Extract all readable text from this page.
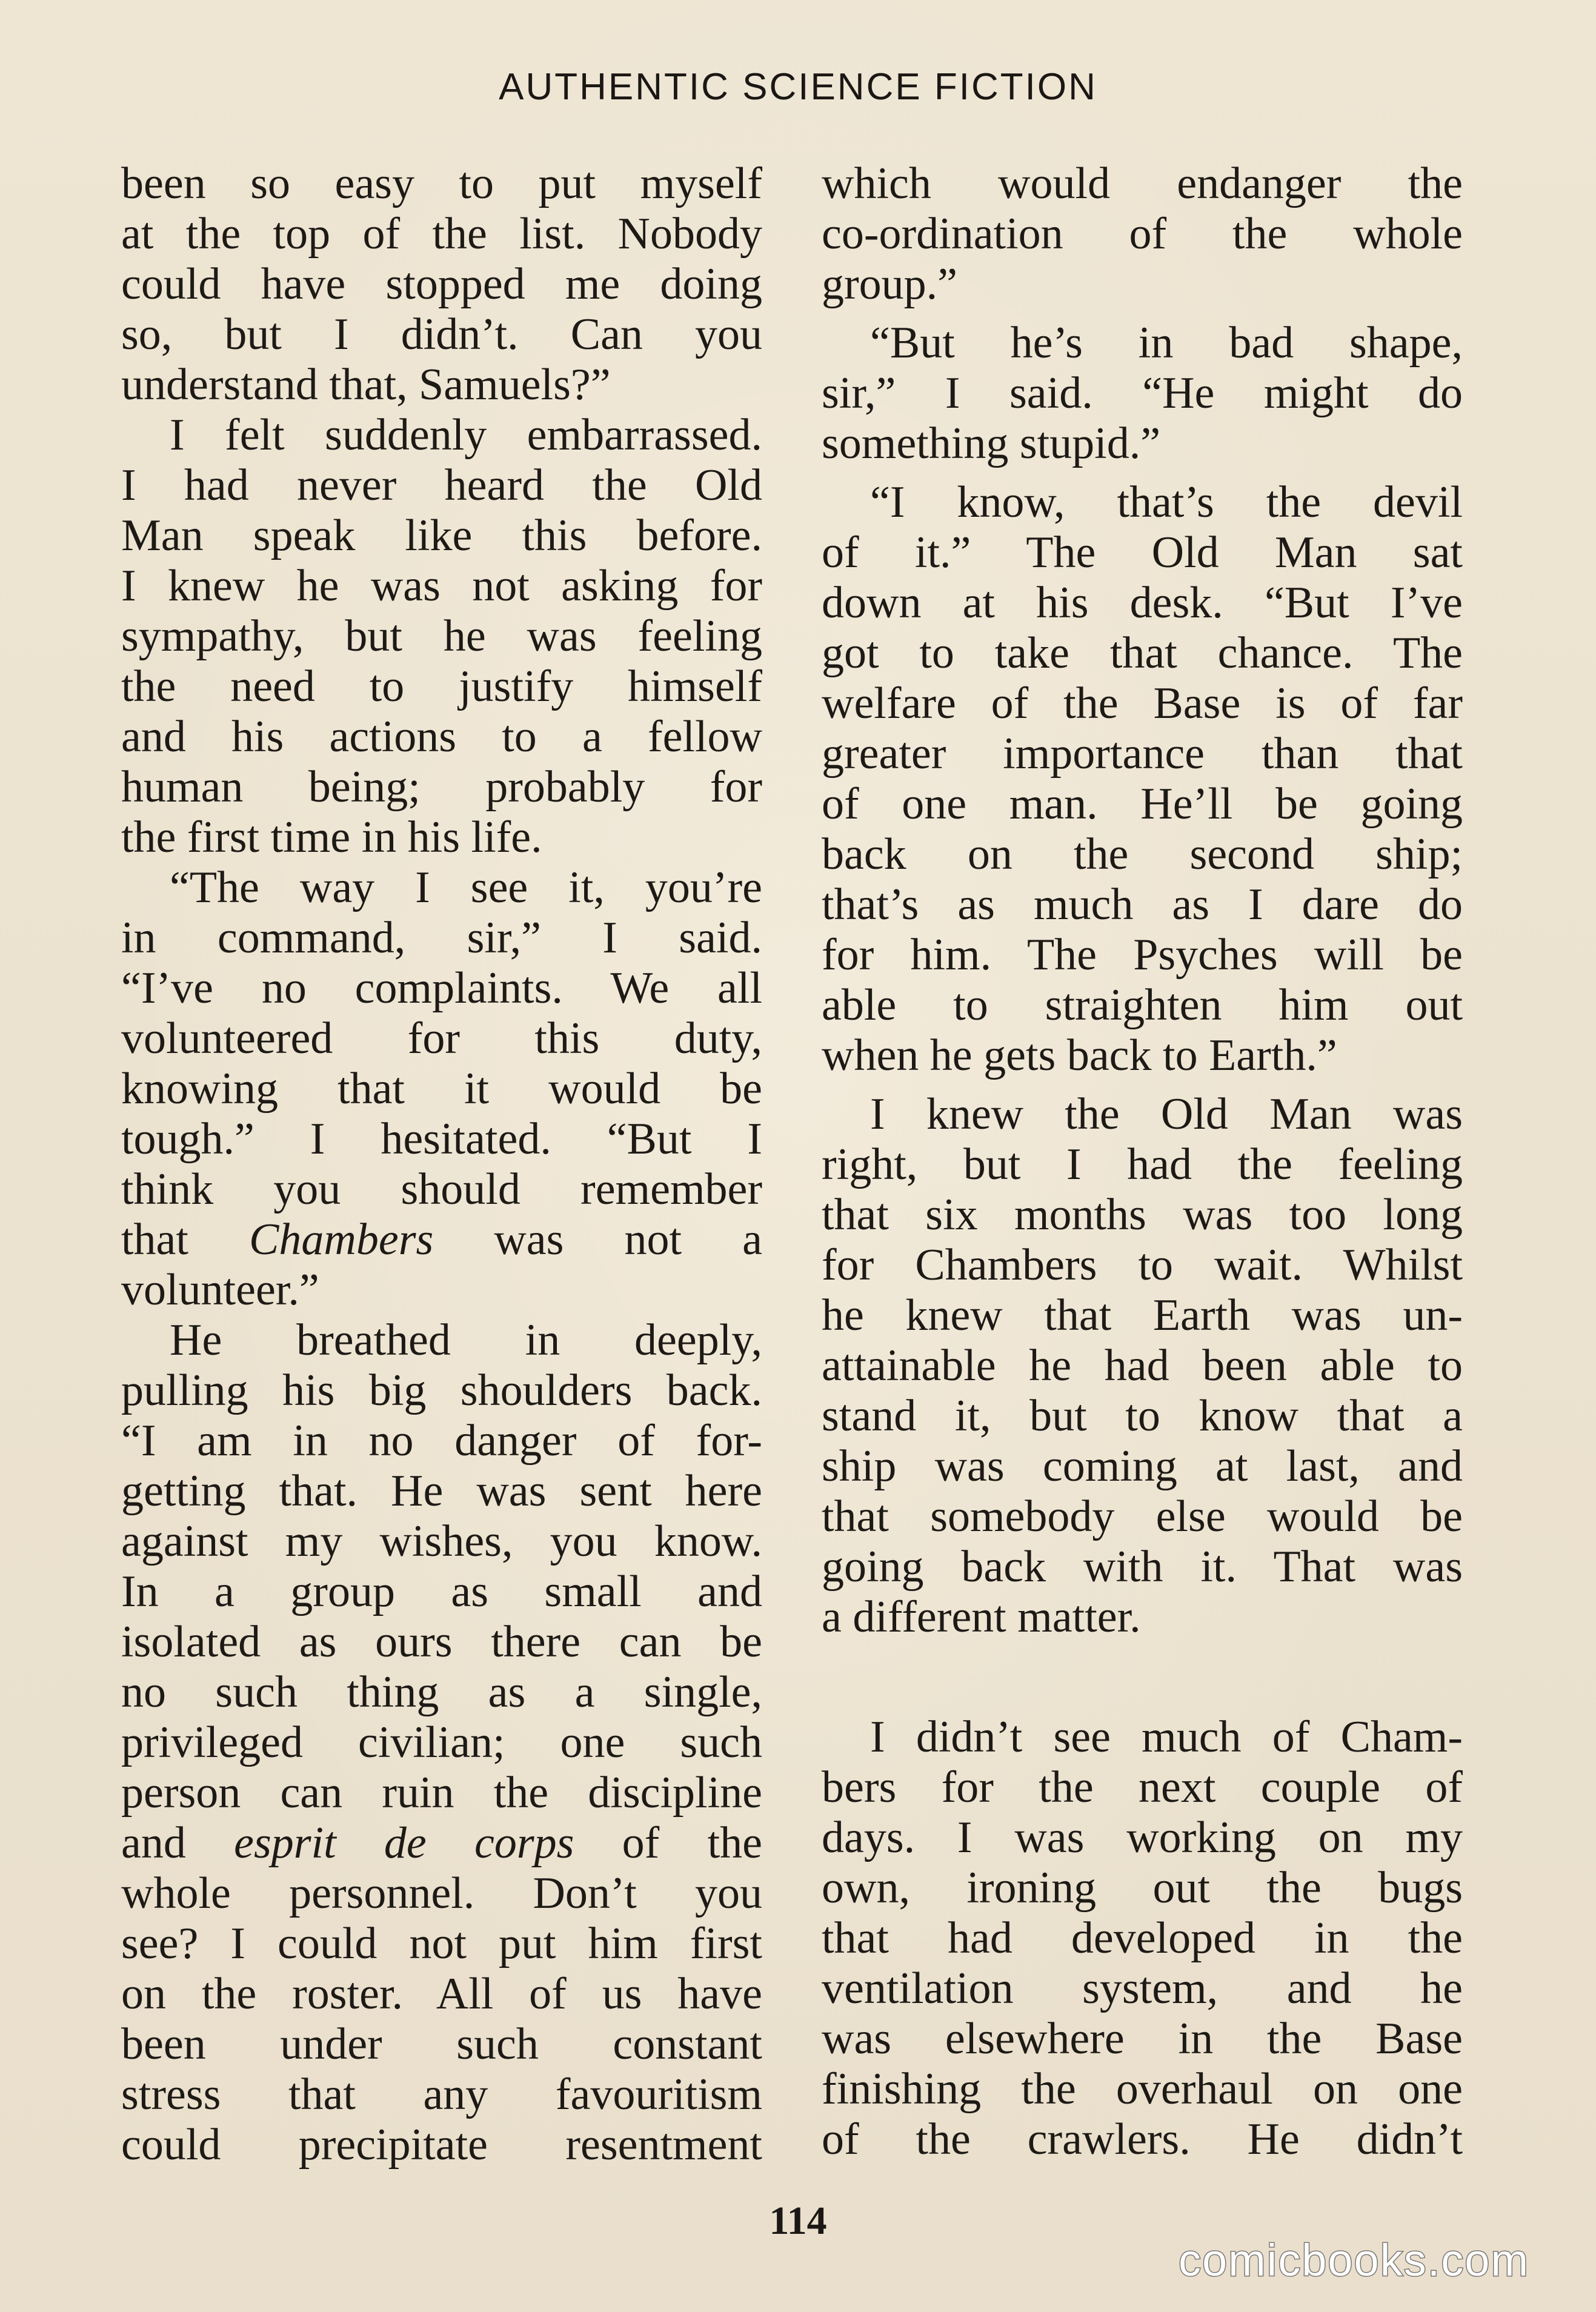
AUTHENTIC SCIENCE FICTION
been so easy to put myself
at the top of the list. Nobody
could have stopped me doing
so, but I didn’t. Can you
understand that, Samuels?”
I felt suddenly embarrassed.
I had never heard the Old
Man speak like this before.
I knew he was not asking for
sympathy, but he was feeling
the need to justify himself
and his actions to a fellow
human being; probably for
the first time in his life.
“The way I see it, you’re
in command, sir,” I said.
“I’ve no complaints. We all
volunteered for this duty,
knowing that it would be
tough.” I hesitated. “But I
think you should remember
that Chambers was not a
volunteer.”
He breathed in deeply,
pulling his big shoulders back.
“I am in no danger of for-
getting that. He was sent here
against my wishes, you know.
In a group as small and
isolated as ours there can be
no such thing as a single,
privileged civilian; one such
person can ruin the discipline
and esprit de corps of the
whole personnel. Don’t you
see? I could not put him first
on the roster. All of us have
been under such constant
stress that any favouritism
could precipitate resentment
which would endanger the
co-ordination of the whole
group.”
“But he’s in bad shape,
sir,” I said. “He might do
something stupid.”
“I know, that’s the devil
of it.” The Old Man sat
down at his desk. “But I’ve
got to take that chance. The
welfare of the Base is of far
greater importance than that
of one man. He’ll be going
back on the second ship;
that’s as much as I dare do
for him. The Psyches will be
able to straighten him out
when he gets back to Earth.”
I knew the Old Man was
right, but I had the feeling
that six months was too long
for Chambers to wait. Whilst
he knew that Earth was un-
attainable he had been able to
stand it, but to know that a
ship was coming at last, and
that somebody else would be
going back with it. That was
a different matter.
I didn’t see much of Cham-
bers for the next couple of
days. I was working on my
own, ironing out the bugs
that had developed in the
ventilation system, and he
was elsewhere in the Base
finishing the overhaul on one
of the crawlers. He didn’t
114
comicbooks.com
